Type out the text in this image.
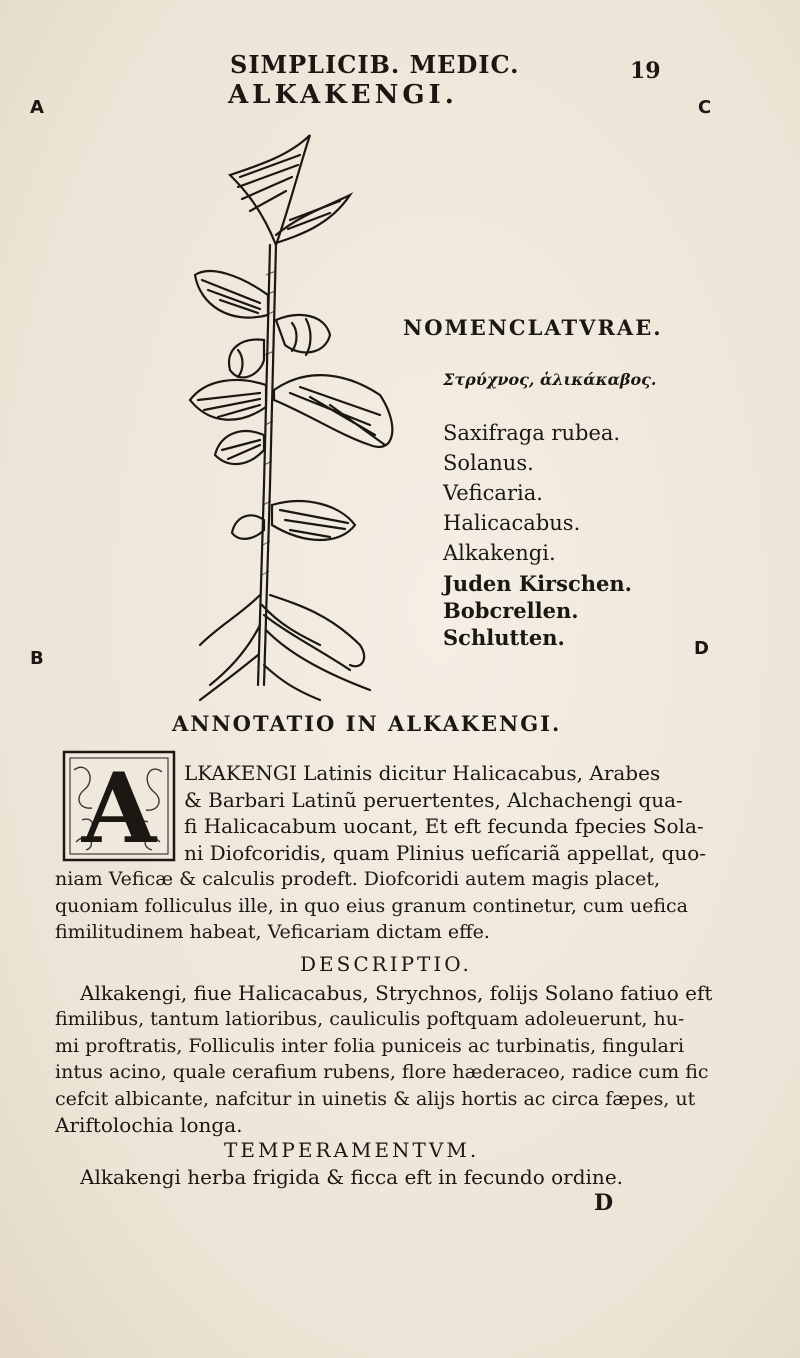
SIMPLICIB. MEDIC.
ALKAKENGI.
19
A	C
B	D
NOMENCLATVRAE.
Στρύχνος, ἁλικάκαβος.
Saxifraga rubea.
Solanus.
Veficaria.
Halicacabus.
Alkakengi.
Juden Kirschen.
Bobcrellen.
Schlutten.
ANNOTATIO IN ALKAKENGI.
A LKAKENGI Latinis dicitur Halicacabus, Arabes
& Barbari Latinũ peruertentes, Alchachengi qua-
fi Halicacabum uocant, Et eft fecunda fpecies Sola-
ni Diofcoridis, quam Plinius uefícariã appellat, quo-
niam Veficæ & calculis prodeft. Diofcoridi autem magis placet,
quoniam folliculus ille, in quo eius granum continetur, cum uefica
fimilitudinem habeat, Veficariam dictam effe.
DESCRIPTIO.
Alkakengi, fiue Halicacabus, Strychnos, folijs Solano fatiuo eft
fimilibus, tantum latioribus, cauliculis poftquam adoleuerunt, hu-
mi proftratis, Folliculis inter folia puniceis ac turbinatis, fingulari
intus acino, quale cerafium rubens, flore hæderaceo, radice cum fic
cefcit albicante, nafcitur in uinetis & alijs hortis ac circa fæpes, ut
Ariftolochia longa.
TEMPERAMENTVM.
Alkakengi herba frigida & ficca eft in fecundo ordine.
D
